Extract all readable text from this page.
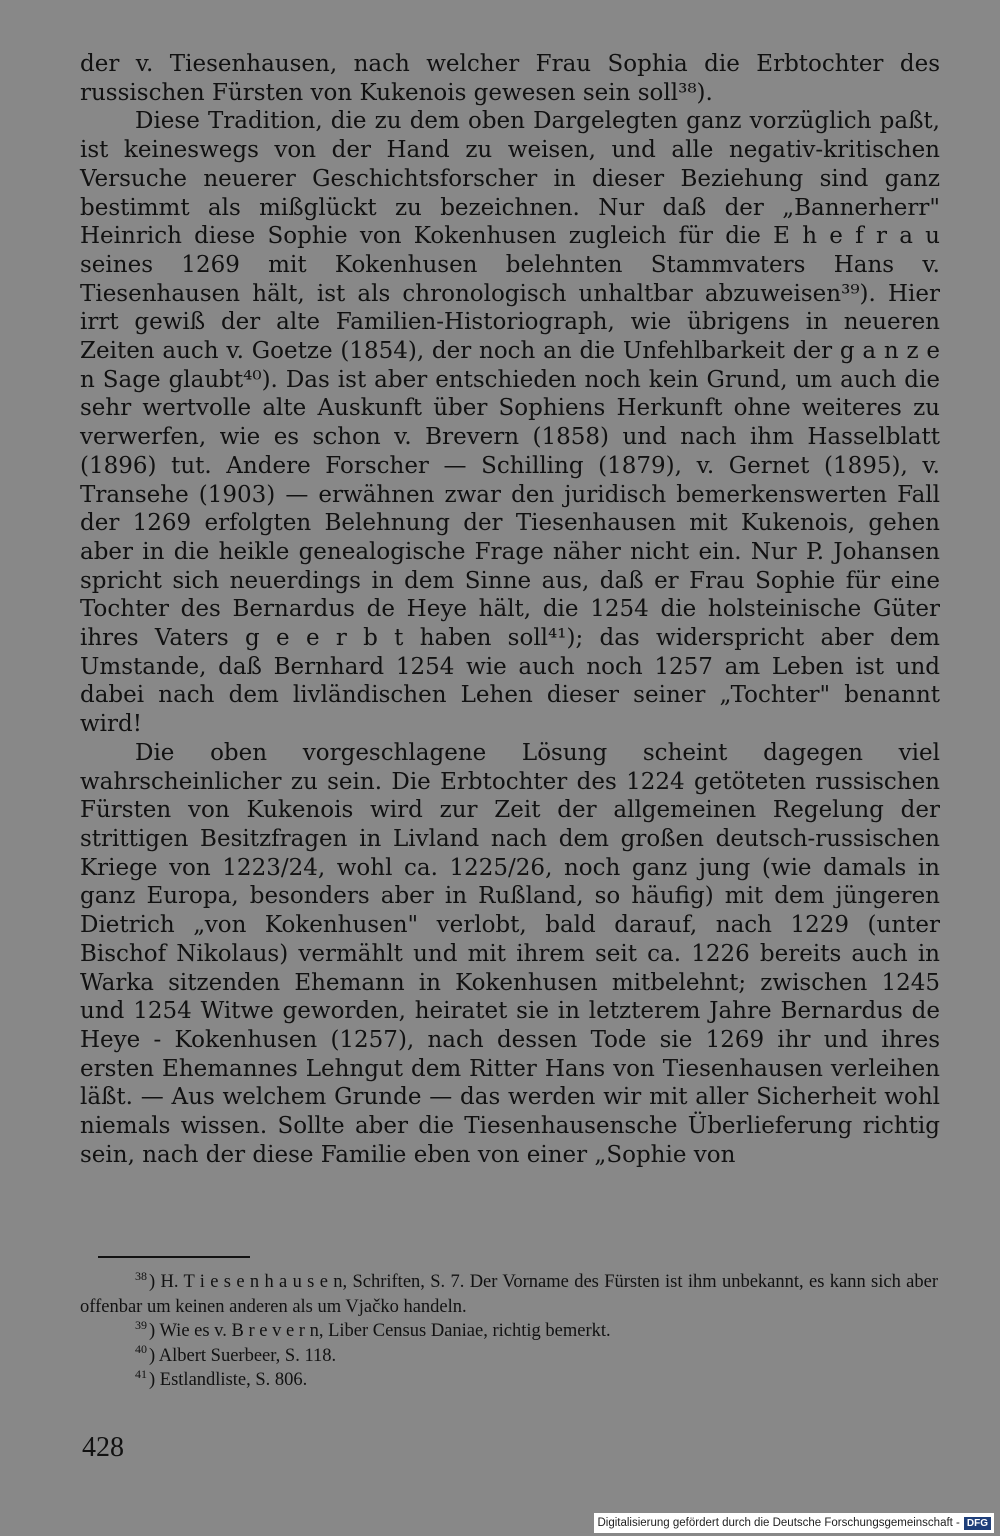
der v. Tiesenhausen, nach welcher Frau Sophia die Erbtochter des russischen Fürsten von Kukenois gewesen sein soll³⁸).

Diese Tradition, die zu dem oben Dargelegten ganz vorzüglich paßt, ist keineswegs von der Hand zu weisen, und alle negativ-kritischen Versuche neuerer Geschichtsforscher in dieser Beziehung sind ganz bestimmt als mißglückt zu bezeichnen. Nur daß der „Bannerherr" Heinrich diese Sophie von Kokenhusen zugleich für die E h e f r a u seines 1269 mit Kokenhusen belehnten Stammvaters Hans v. Tiesenhausen hält, ist als chronologisch unhaltbar abzuweisen³⁹). Hier irrt gewiß der alte Familien-Historiograph, wie übrigens in neueren Zeiten auch v. Goetze (1854), der noch an die Unfehlbarkeit der g a n z e n Sage glaubt⁴⁰). Das ist aber entschieden noch kein Grund, um auch die sehr wertvolle alte Auskunft über Sophiens Herkunft ohne weiteres zu verwerfen, wie es schon v. Brevern (1858) und nach ihm Hasselblatt (1896) tut. Andere Forscher — Schilling (1879), v. Gernet (1895), v. Transehe (1903) — erwähnen zwar den juridisch bemerkenswerten Fall der 1269 erfolgten Belehnung der Tiesenhausen mit Kukenois, gehen aber in die heikle genealogische Frage näher nicht ein. Nur P. Johansen spricht sich neuerdings in dem Sinne aus, daß er Frau Sophie für eine Tochter des Bernardus de Heye hält, die 1254 die holsteinische Güter ihres Vaters g e e r b t haben soll⁴¹); das widerspricht aber dem Umstande, daß Bernhard 1254 wie auch noch 1257 am Leben ist und dabei nach dem livländischen Lehen dieser seiner „Tochter" benannt wird!

Die oben vorgeschlagene Lösung scheint dagegen viel wahrscheinlicher zu sein. Die Erbtochter des 1224 getöteten russischen Fürsten von Kukenois wird zur Zeit der allgemeinen Regelung der strittigen Besitzfragen in Livland nach dem großen deutsch-russischen Kriege von 1223/24, wohl ca. 1225/26, noch ganz jung (wie damals in ganz Europa, besonders aber in Rußland, so häufig) mit dem jüngeren Dietrich „von Kokenhusen" verlobt, bald darauf, nach 1229 (unter Bischof Nikolaus) vermählt und mit ihrem seit ca. 1226 bereits auch in Warka sitzenden Ehemann in Kokenhusen mitbelehnt; zwischen 1245 und 1254 Witwe geworden, heiratet sie in letzterem Jahre Bernardus de Heye - Kokenhusen (1257), nach dessen Tode sie 1269 ihr und ihres ersten Ehemannes Lehngut dem Ritter Hans von Tiesenhausen verleihen läßt. — Aus welchem Grunde — das werden wir mit aller Sicherheit wohl niemals wissen. Sollte aber die Tiesenhausensche Überlieferung richtig sein, nach der diese Familie eben von einer „Sophie von

$^{38}$ ) H. T i e s e n h a u s e n, Schriften, S. 7. Der Vorname des Fürsten ist ihm unbekannt, es kann sich aber offenbar um keinen anderen als um Vjačko handeln.

$^{39}$ ) Wie es v. B r e v e r n, Liber Census Daniae, richtig bemerkt.

$^{40}$ ) Albert Suerbeer, S. 118.

$^{41}$ ) Estlandliste, S. 806.

428
Digitalisierung gefördert durch die Deutsche Forschungsgemeinschaft - DFG
